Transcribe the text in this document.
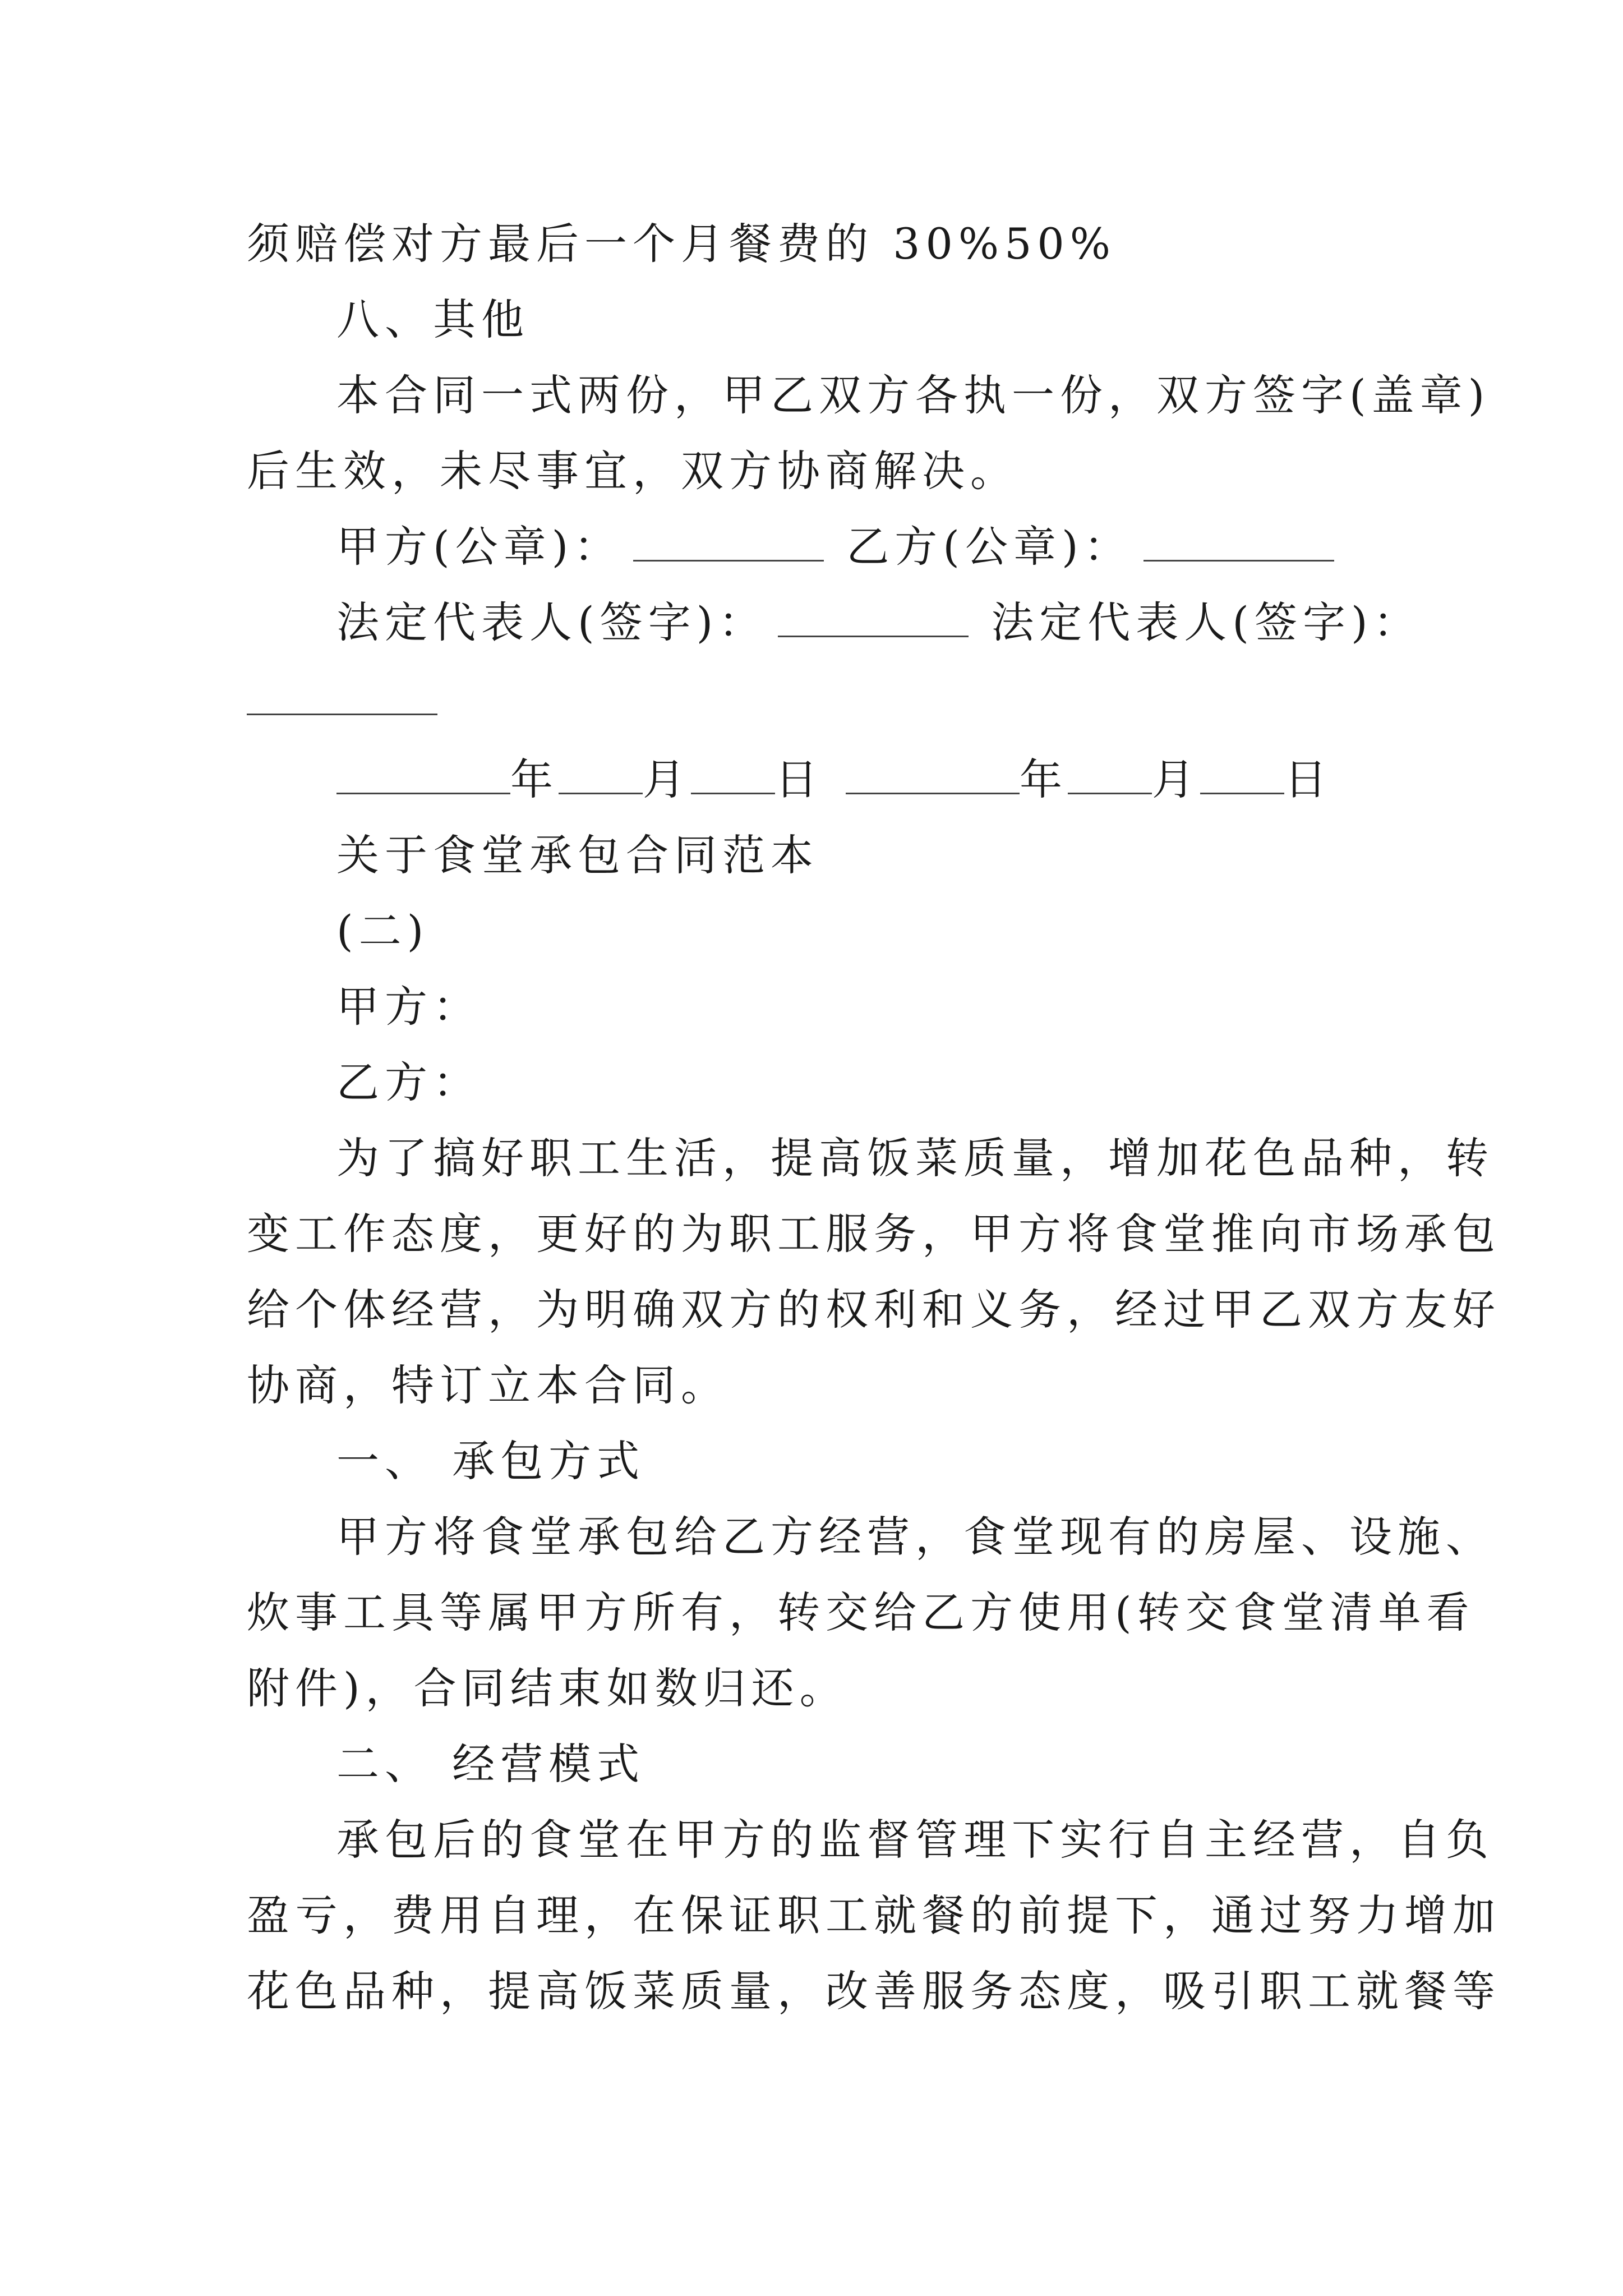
须赔偿对方最后一个月餐费的 30%50%
八、其他
本合同一式两份，甲乙双方各执一份，双方签字(盖章)
后生效，未尽事宜，双方协商解决。
甲方(公章)：	乙方(公章)：
法定代表人(签字)：	法定代表人(签字)：
年 月 日	年 月 日
关于食堂承包合同范本
(二)
甲方：
乙方：
为了搞好职工生活，提高饭菜质量，增加花色品种，转
变工作态度，更好的为职工服务，甲方将食堂推向市场承包
给个体经营，为明确双方的权利和义务，经过甲乙双方友好
协商，特订立本合同。
一、 承包方式
甲方将食堂承包给乙方经营，食堂现有的房屋、设施、
炊事工具等属甲方所有，转交给乙方使用(转交食堂清单看
附件)，合同结束如数归还。
二、 经营模式
承包后的食堂在甲方的监督管理下实行自主经营，自负
盈亏，费用自理，在保证职工就餐的前提下，通过努力增加
花色品种，提高饭菜质量，改善服务态度，吸引职工就餐等
